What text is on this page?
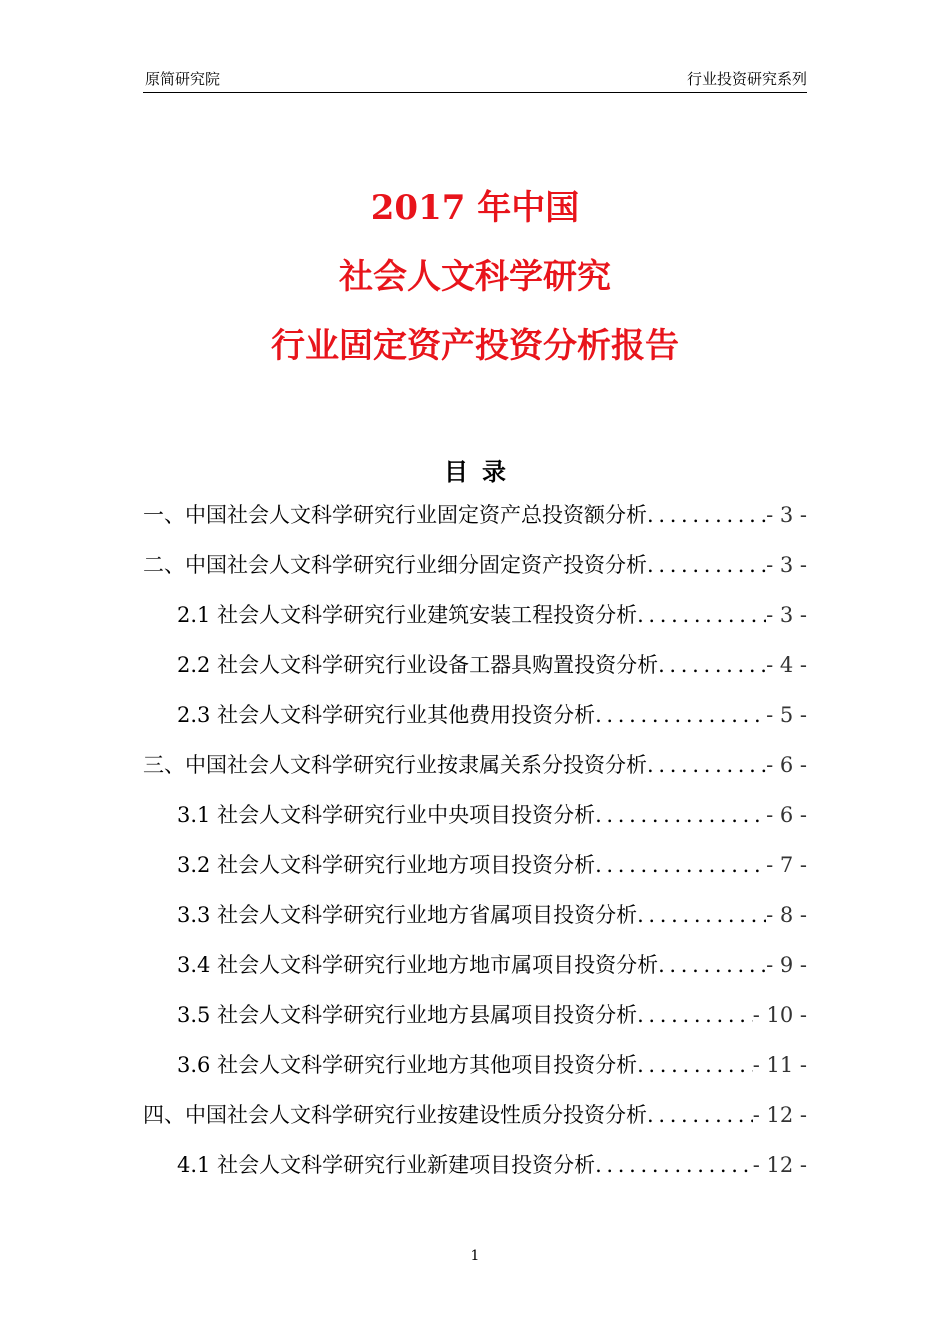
原简研究院	行业投资研究系列
2017 年中国
社会人文科学研究
行业固定资产投资分析报告
目录
一、中国社会人文科学研究行业固定资产总投资额分析 . . .	- 3 -
二、中国社会人文科学研究行业细分固定资产投资分析 . . .	- 3 -
2.1 社会人文科学研究行业建筑安装工程投资分析 . . .	- 3 -
2.2 社会人文科学研究行业设备工器具购置投资分析 . . .	- 4 -
2.3 社会人文科学研究行业其他费用投资分析 . . .	- 5 -
三、中国社会人文科学研究行业按隶属关系分投资分析 . . .	- 6 -
3.1 社会人文科学研究行业中央项目投资分析 . . .	- 6 -
3.2 社会人文科学研究行业地方项目投资分析 . . .	- 7 -
3.3 社会人文科学研究行业地方省属项目投资分析 . . .	- 8 -
3.4 社会人文科学研究行业地方地市属项目投资分析 . . .	- 9 -
3.5 社会人文科学研究行业地方县属项目投资分析 . . .	- 10 -
3.6 社会人文科学研究行业地方其他项目投资分析 . . .	- 11 -
四、中国社会人文科学研究行业按建设性质分投资分析 . . .	- 12 -
4.1 社会人文科学研究行业新建项目投资分析 . . .	- 12 -
1
